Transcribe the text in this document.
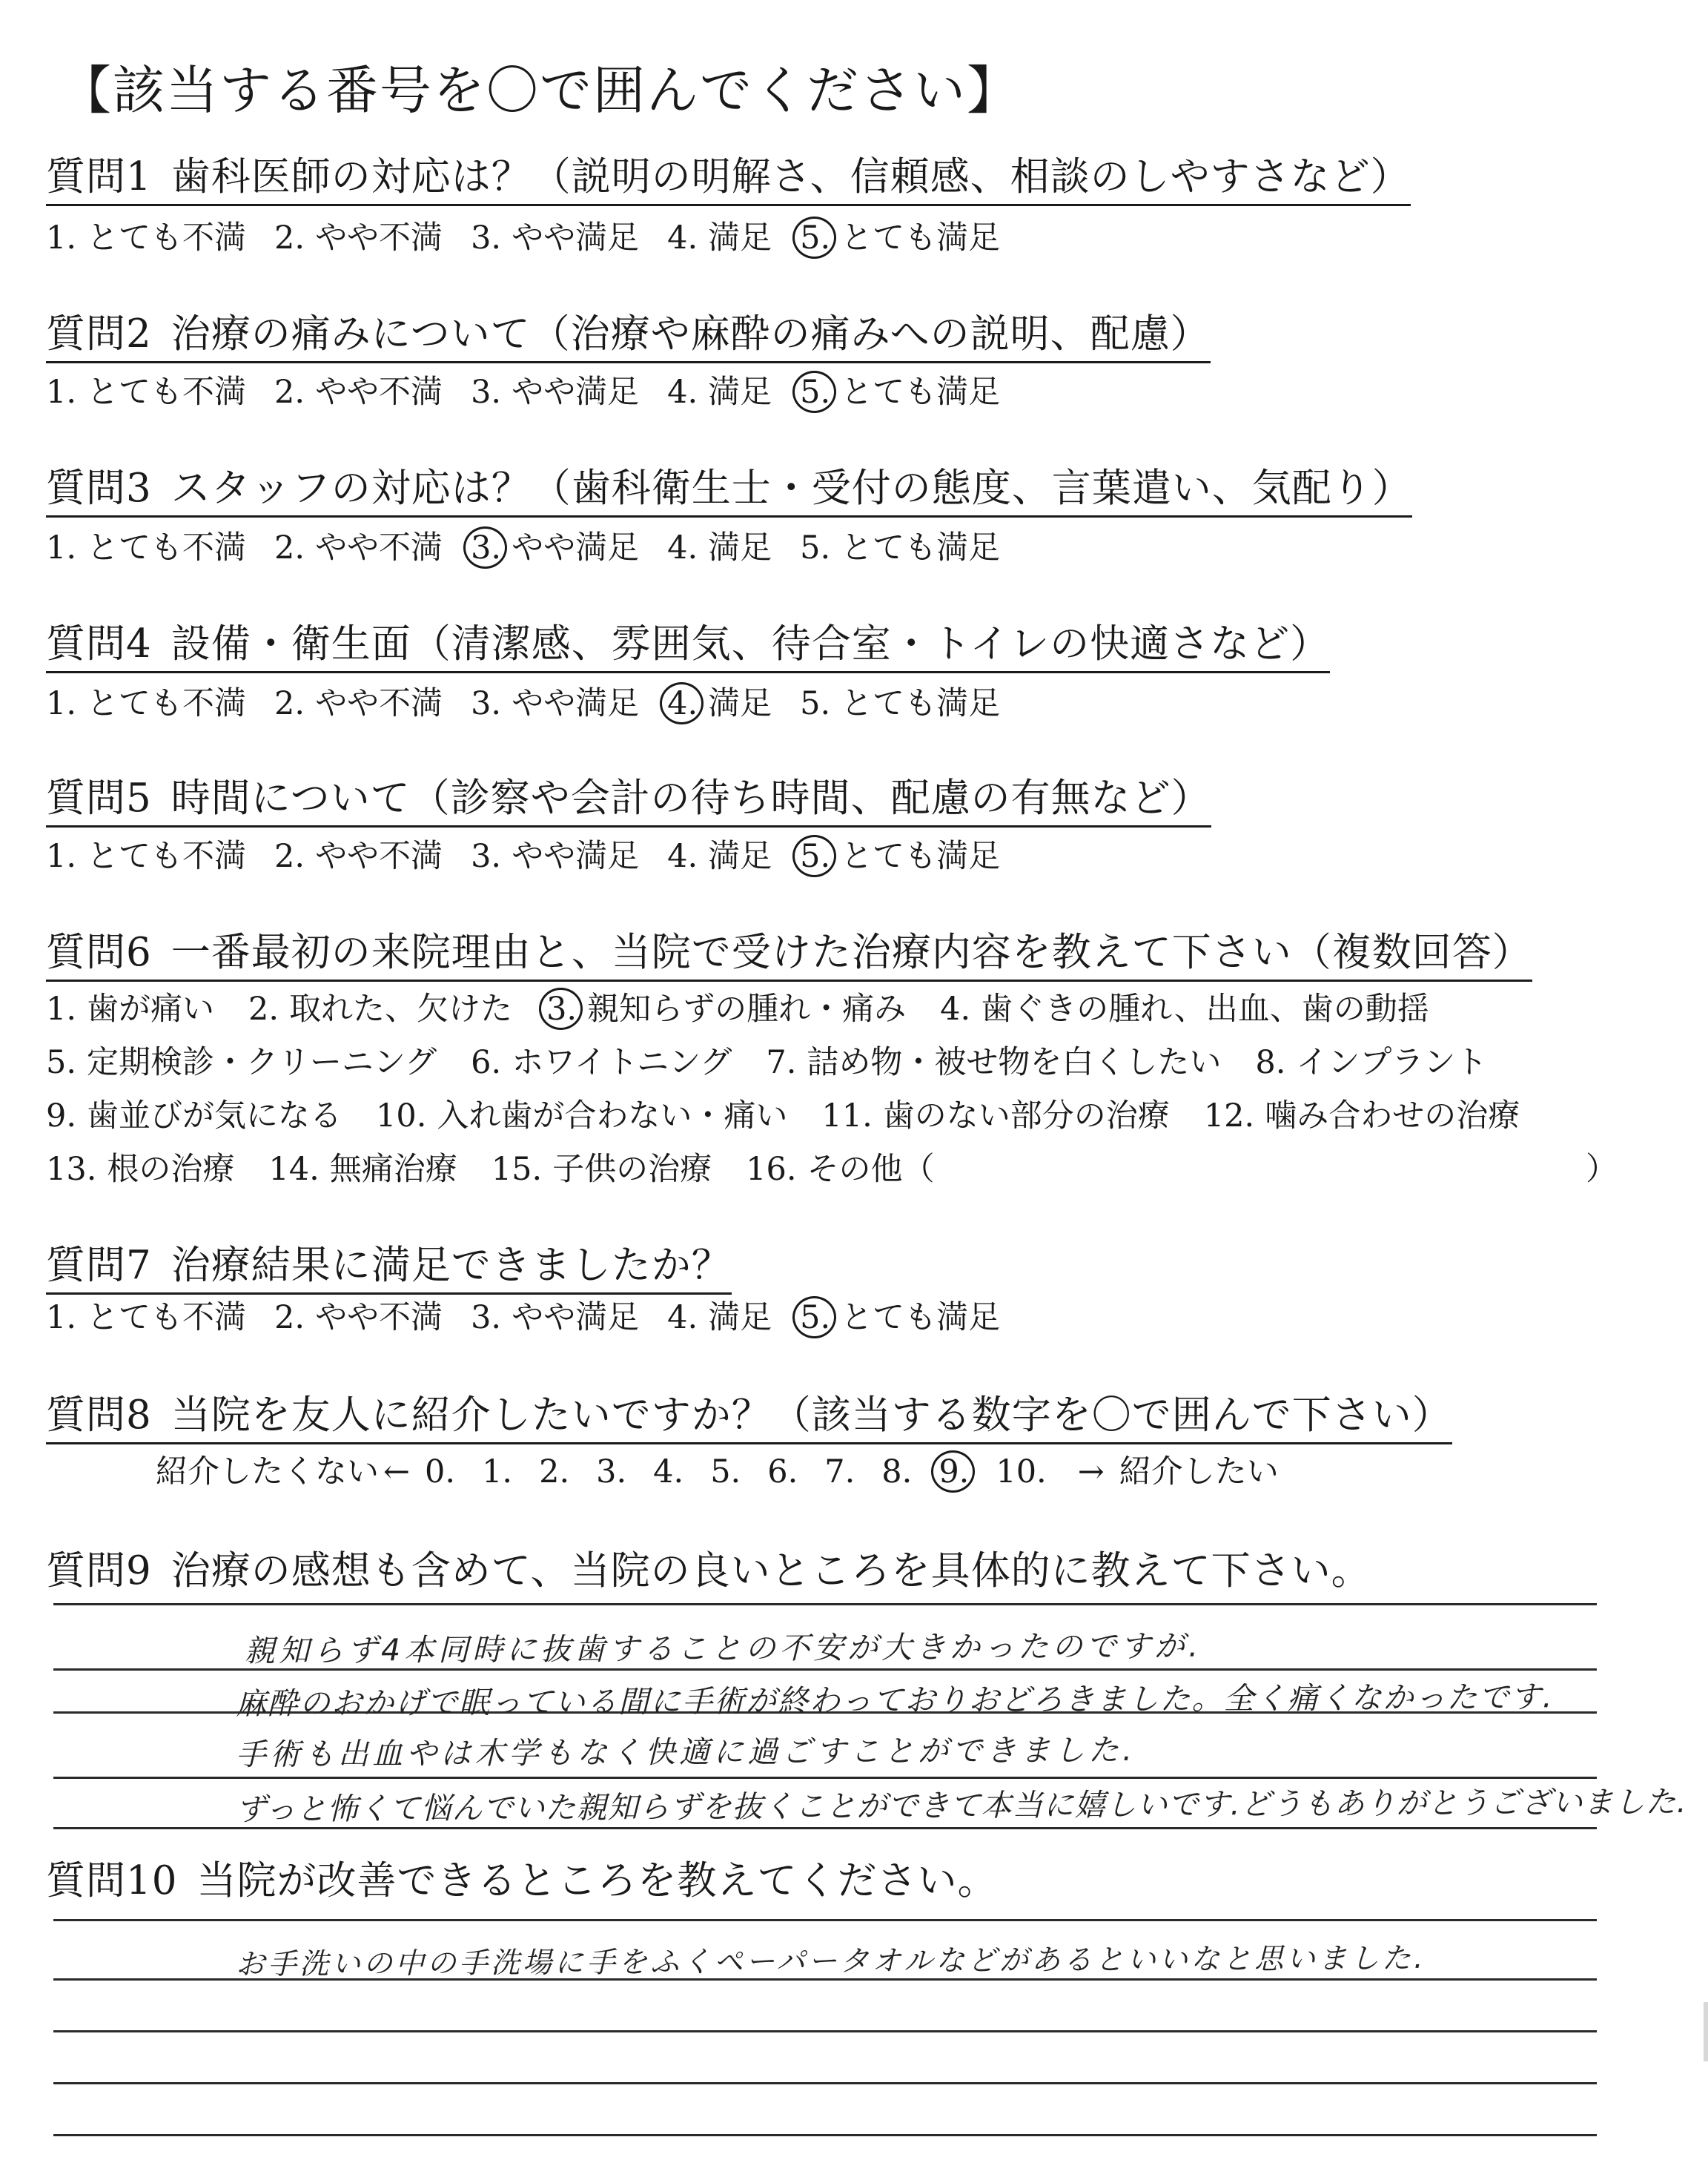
【該当する番号を〇で囲んでください】
質問1 歯科医師の対応は？（説明の明解さ、信頼感、相談のしやすさなど）
1. とても不満 2. やや不満 3. やや満足 4. 満足 5. とても満足
質問2 治療の痛みについて（治療や麻酔の痛みへの説明、配慮）
1. とても不満 2. やや不満 3. やや満足 4. 満足 5. とても満足
質問3 スタッフの対応は？（歯科衛生士・受付の態度、言葉遣い、気配り）
1. とても不満 2. やや不満 3. やや満足 4. 満足 5. とても満足
質問4 設備・衛生面（清潔感、雰囲気、待合室・トイレの快適さなど）
1. とても不満 2. やや不満 3. やや満足 4. 満足 5. とても満足
質問5 時間について（診察や会計の待ち時間、配慮の有無など）
1. とても不満 2. やや不満 3. やや満足 4. 満足 5. とても満足
質問6 一番最初の来院理由と、当院で受けた治療内容を教えて下さい（複数回答）
1. 歯が痛い 2. 取れた、欠けた 3. 親知らずの腫れ・痛み 4. 歯ぐきの腫れ、出血、歯の動揺
5. 定期検診・クリーニング 6. ホワイトニング 7. 詰め物・被せ物を白くしたい 8. インプラント
9. 歯並びが気になる 10. 入れ歯が合わない・痛い 11. 歯のない部分の治療 12. 噛み合わせの治療
13. 根の治療 14. 無痛治療 15. 子供の治療 16. その他（	）
質問7 治療結果に満足できましたか？
1. とても不満 2. やや不満 3. やや満足 4. 満足 5. とても満足
質問8 当院を友人に紹介したいですか？（該当する数字を〇で囲んで下さい）
紹介したくない ← 0. 1. 2. 3. 4. 5. 6. 7. 8. 9. 10. → 紹介したい
質問9 治療の感想も含めて、当院の良いところを具体的に教えて下さい。
親知らず4本同時に抜歯することの不安が大きかったのですが.
麻酔のおかげで眠っている間に手術が終わっておりおどろきました。全く痛くなかったです.
手術も出血やは木学もなく快適に過ごすことができました.
ずっと怖くて悩んでいた親知らずを抜くことができて本当に嬉しいです.どうもありがとうございました.
質問10 当院が改善できるところを教えてください。
お手洗いの中の手洗場に手をふくペーパータオルなどがあるといいなと思いました.
